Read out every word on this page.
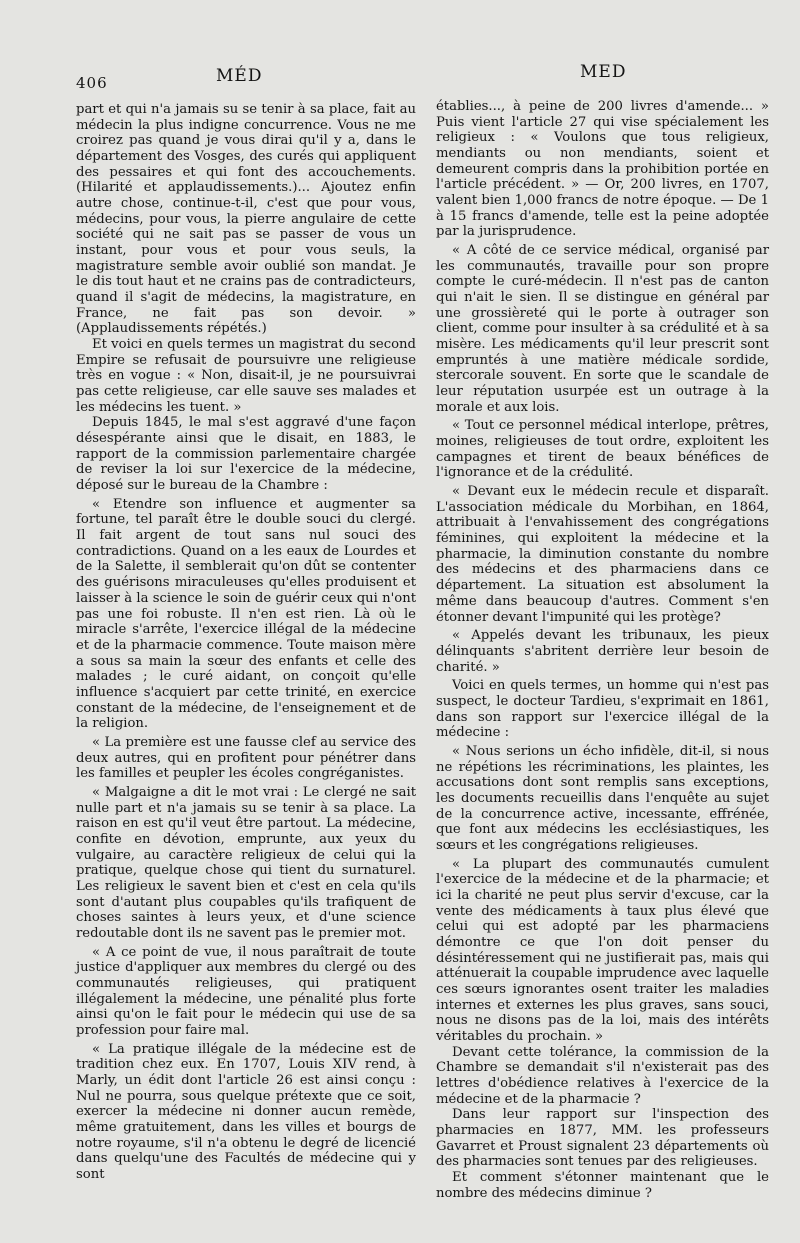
406	MÉD	MED

part et qui n'a jamais su se tenir à sa place, fait au médecin la plus indigne concurrence. Vous ne me croirez pas quand je vous dirai qu'il y a, dans le département des Vosges, des curés qui appliquent des pessaires et qui font des accouchements. (Hilarité et applaudissements.)... Ajoutez enfin autre chose, continue-t-il, c'est que pour vous, médecins, pour vous, la pierre angulaire de cette société qui ne sait pas se passer de vous un instant, pour vous et pour vous seuls, la magistrature semble avoir oublié son mandat. Je le dis tout haut et ne crains pas de contradicteurs, quand il s'agit de médecins, la magistrature, en France, ne fait pas son devoir. » (Applaudissements répétés.)

Et voici en quels termes un magistrat du second Empire se refusait de poursuivre une religieuse très en vogue : « Non, disait-il, je ne poursuivrai pas cette religieuse, car elle sauve ses malades et les médecins les tuent. »

Depuis 1845, le mal s'est aggravé d'une façon désespérante ainsi que le disait, en 1883, le rapport de la commission parlementaire chargée de reviser la loi sur l'exercice de la médecine, déposé sur le bureau de la Chambre :

« Etendre son influence et augmenter sa fortune, tel paraît être le double souci du clergé. Il fait argent de tout sans nul souci des contradictions. Quand on a les eaux de Lourdes et de la Salette, il semblerait qu'on dût se contenter des guérisons miraculeuses qu'elles produisent et laisser à la science le soin de guérir ceux qui n'ont pas une foi robuste. Il n'en est rien. Là où le miracle s'arrête, l'exercice illégal de la médecine et de la pharmacie commence. Toute maison mère a sous sa main la sœur des enfants et celle des malades ; le curé aidant, on conçoit qu'elle influence s'acquiert par cette trinité, en exercice constant de la médecine, de l'enseignement et de la religion.

« La première est une fausse clef au service des deux autres, qui en profitent pour pénétrer dans les familles et peupler les écoles congréganistes.

« Malgaigne a dit le mot vrai : Le clergé ne sait nulle part et n'a jamais su se tenir à sa place. La raison en est qu'il veut être partout. La médecine, confite en dévotion, emprunte, aux yeux du vulgaire, au caractère religieux de celui qui la pratique, quelque chose qui tient du surnaturel. Les religieux le savent bien et c'est en cela qu'ils sont d'autant plus coupables qu'ils trafiquent de choses saintes à leurs yeux, et d'une science redoutable dont ils ne savent pas le premier mot.

« A ce point de vue, il nous paraîtrait de toute justice d'appliquer aux membres du clergé ou des communautés religieuses, qui pratiquent illégalement la médecine, une pénalité plus forte ainsi qu'on le fait pour le médecin qui use de sa profession pour faire mal.

« La pratique illégale de la médecine est de tradition chez eux. En 1707, Louis XIV rend, à Marly, un édit dont l'article 26 est ainsi conçu : Nul ne pourra, sous quelque prétexte que ce soit, exercer la médecine ni donner aucun remède, même gratuitement, dans les villes et bourgs de notre royaume, s'il n'a obtenu le degré de licencié dans quelqu'une des Facultés de médecine qui y sont

établies..., à peine de 200 livres d'amende... » Puis vient l'article 27 qui vise spécialement les religieux : « Voulons que tous religieux, mendiants ou non mendiants, soient et demeurent compris dans la prohibition portée en l'article précédent. » — Or, 200 livres, en 1707, valent bien 1,000 francs de notre époque. — De 1 à 15 francs d'amende, telle est la peine adoptée par la jurisprudence.

« A côté de ce service médical, organisé par les communautés, travaille pour son propre compte le curé-médecin. Il n'est pas de canton qui n'ait le sien. Il se distingue en général par une grossièreté qui le porte à outrager son client, comme pour insulter à sa crédulité et à sa misère. Les médicaments qu'il leur prescrit sont empruntés à une matière médicale sordide, stercorale souvent. En sorte que le scandale de leur réputation usurpée est un outrage à la morale et aux lois.

« Tout ce personnel médical interlope, prêtres, moines, religieuses de tout ordre, exploitent les campagnes et tirent de beaux bénéfices de l'ignorance et de la crédulité.

« Devant eux le médecin recule et disparaît. L'association médicale du Morbihan, en 1864, attribuait à l'envahissement des congrégations féminines, qui exploitent la médecine et la pharmacie, la diminution constante du nombre des médecins et des pharmaciens dans ce département. La situation est absolument la même dans beaucoup d'autres. Comment s'en étonner devant l'impunité qui les protège?

« Appelés devant les tribunaux, les pieux délinquants s'abritent derrière leur besoin de charité. »

Voici en quels termes, un homme qui n'est pas suspect, le docteur Tardieu, s'exprimait en 1861, dans son rapport sur l'exercice illégal de la médecine :

« Nous serions un écho infidèle, dit-il, si nous ne répétions les récriminations, les plaintes, les accusations dont sont remplis sans exceptions, les documents recueillis dans l'enquête au sujet de la concurrence active, incessante, effrénée, que font aux médecins les ecclésiastiques, les sœurs et les congrégations religieuses.

« La plupart des communautés cumulent l'exercice de la médecine et de la pharmacie; et ici la charité ne peut plus servir d'excuse, car la vente des médicaments à taux plus élevé que celui qui est adopté par les pharmaciens démontre ce que l'on doit penser du désintéressement qui ne justifierait pas, mais qui atténuerait la coupable imprudence avec laquelle ces sœurs ignorantes osent traiter les maladies internes et externes les plus graves, sans souci, nous ne disons pas de la loi, mais des intérêts véritables du prochain. »

Devant cette tolérance, la commission de la Chambre se demandait s'il n'existerait pas des lettres d'obédience relatives à l'exercice de la médecine et de la pharmacie ?

Dans leur rapport sur l'inspection des pharmacies en 1877, MM. les professeurs Gavarret et Proust signalent 23 départements où des pharmacies sont tenues par des religieuses.

Et comment s'étonner maintenant que le nombre des médecins diminue ?
